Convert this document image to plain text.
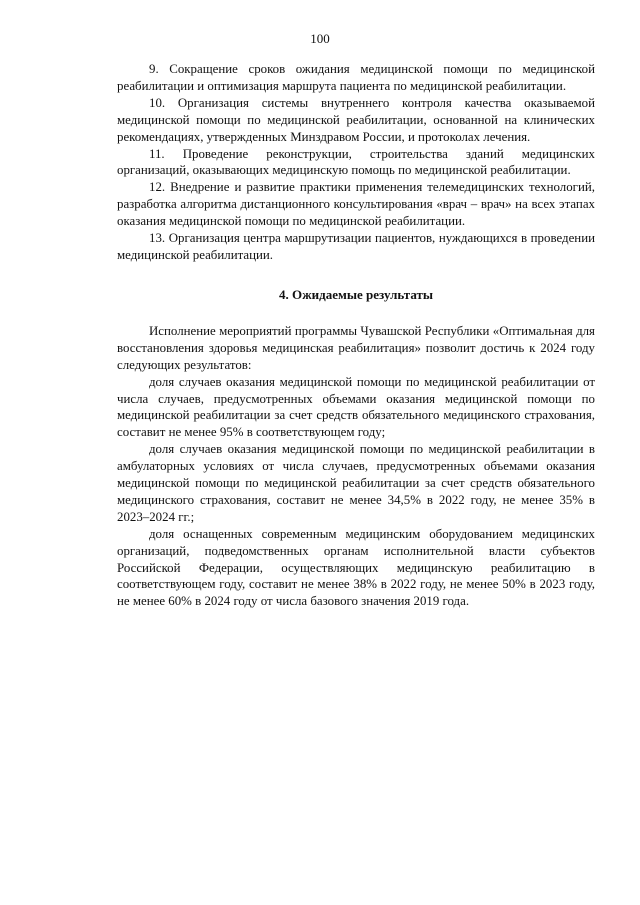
100

9. Сокращение сроков ожидания медицинской помощи по медицинской реабилитации и оптимизация маршрута пациента по медицинской реабилитации.

10. Организация системы внутреннего контроля качества оказываемой медицинской помощи по медицинской реабилитации, основанной на клинических рекомендациях, утвержденных Минздравом России, и протоколах лечения.

11. Проведение реконструкции, строительства зданий медицинских организаций, оказывающих медицинскую помощь по медицинской реабилитации.

12. Внедрение и развитие практики применения телемедицинских технологий, разработка алгоритма дистанционного консультирования «врач – врач» на всех этапах оказания медицинской помощи по медицинской реабилитации.

13. Организация центра маршрутизации пациентов, нуждающихся в проведении медицинской реабилитации.

4. Ожидаемые результаты

Исполнение мероприятий программы Чувашской Республики «Оптимальная для восстановления здоровья медицинская реабилитация» позволит достичь к 2024 году следующих результатов:

доля случаев оказания медицинской помощи по медицинской реабилитации от числа случаев, предусмотренных объемами оказания медицинской помощи по медицинской реабилитации за счет средств обязательного медицинского страхования, составит не менее 95% в соответствующем году;

доля случаев оказания медицинской помощи по медицинской реабилитации в амбулаторных условиях от числа случаев, предусмотренных объемами оказания медицинской помощи по медицинской реабилитации за счет средств обязательного медицинского страхования, составит не менее 34,5% в 2022 году, не менее 35% в 2023–2024 гг.;

доля оснащенных современным медицинским оборудованием медицинских организаций, подведомственных органам исполнительной власти субъектов Российской Федерации, осуществляющих медицинскую реабилитацию в соответствующем году, составит не менее 38% в 2022 году, не менее 50% в 2023 году, не менее 60% в 2024 году от числа базового значения 2019 года.
